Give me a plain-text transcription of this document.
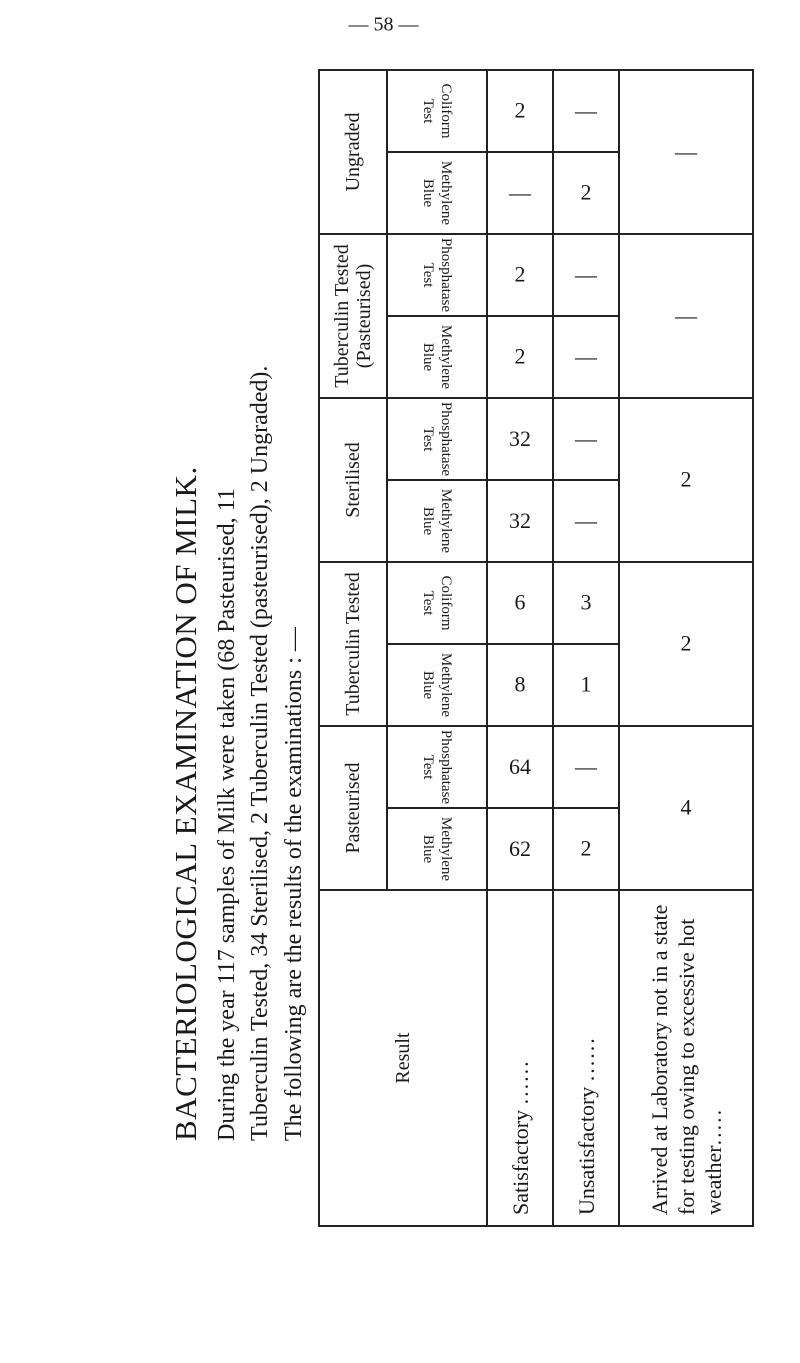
BACTERIOLOGICAL EXAMINATION OF MILK. During the year 117 samples of Milk were taken (68 Pasteurised, 11 Tuberculin Tested, 34 Sterilised, 2 Tuberculin Tested (pasteurised), 2 Ungraded). The following are the results of the examinations : —	Result	Pasteurised		Tuberculin Tested		Sterilised		Tuberculin Tested (Pasteurised)		Ungraded	
	Methylene Blue	Phosphatase Test	Methylene Blue	Coliform Test	Methylene Blue	Phosphatase Test	Methylene Blue	Phosphatase Test	Methylene Blue	Coliform Test
Satisfactory ......	62	64	8	6	32	32	2	2	—	2
Unsatisfactory ......	2	—	1	3	—	—	—	—	2	—
Arrived at Laboratory not in a state for testing owing to excessive hot weather.....	4		2		2		—		—	
— 58 —
